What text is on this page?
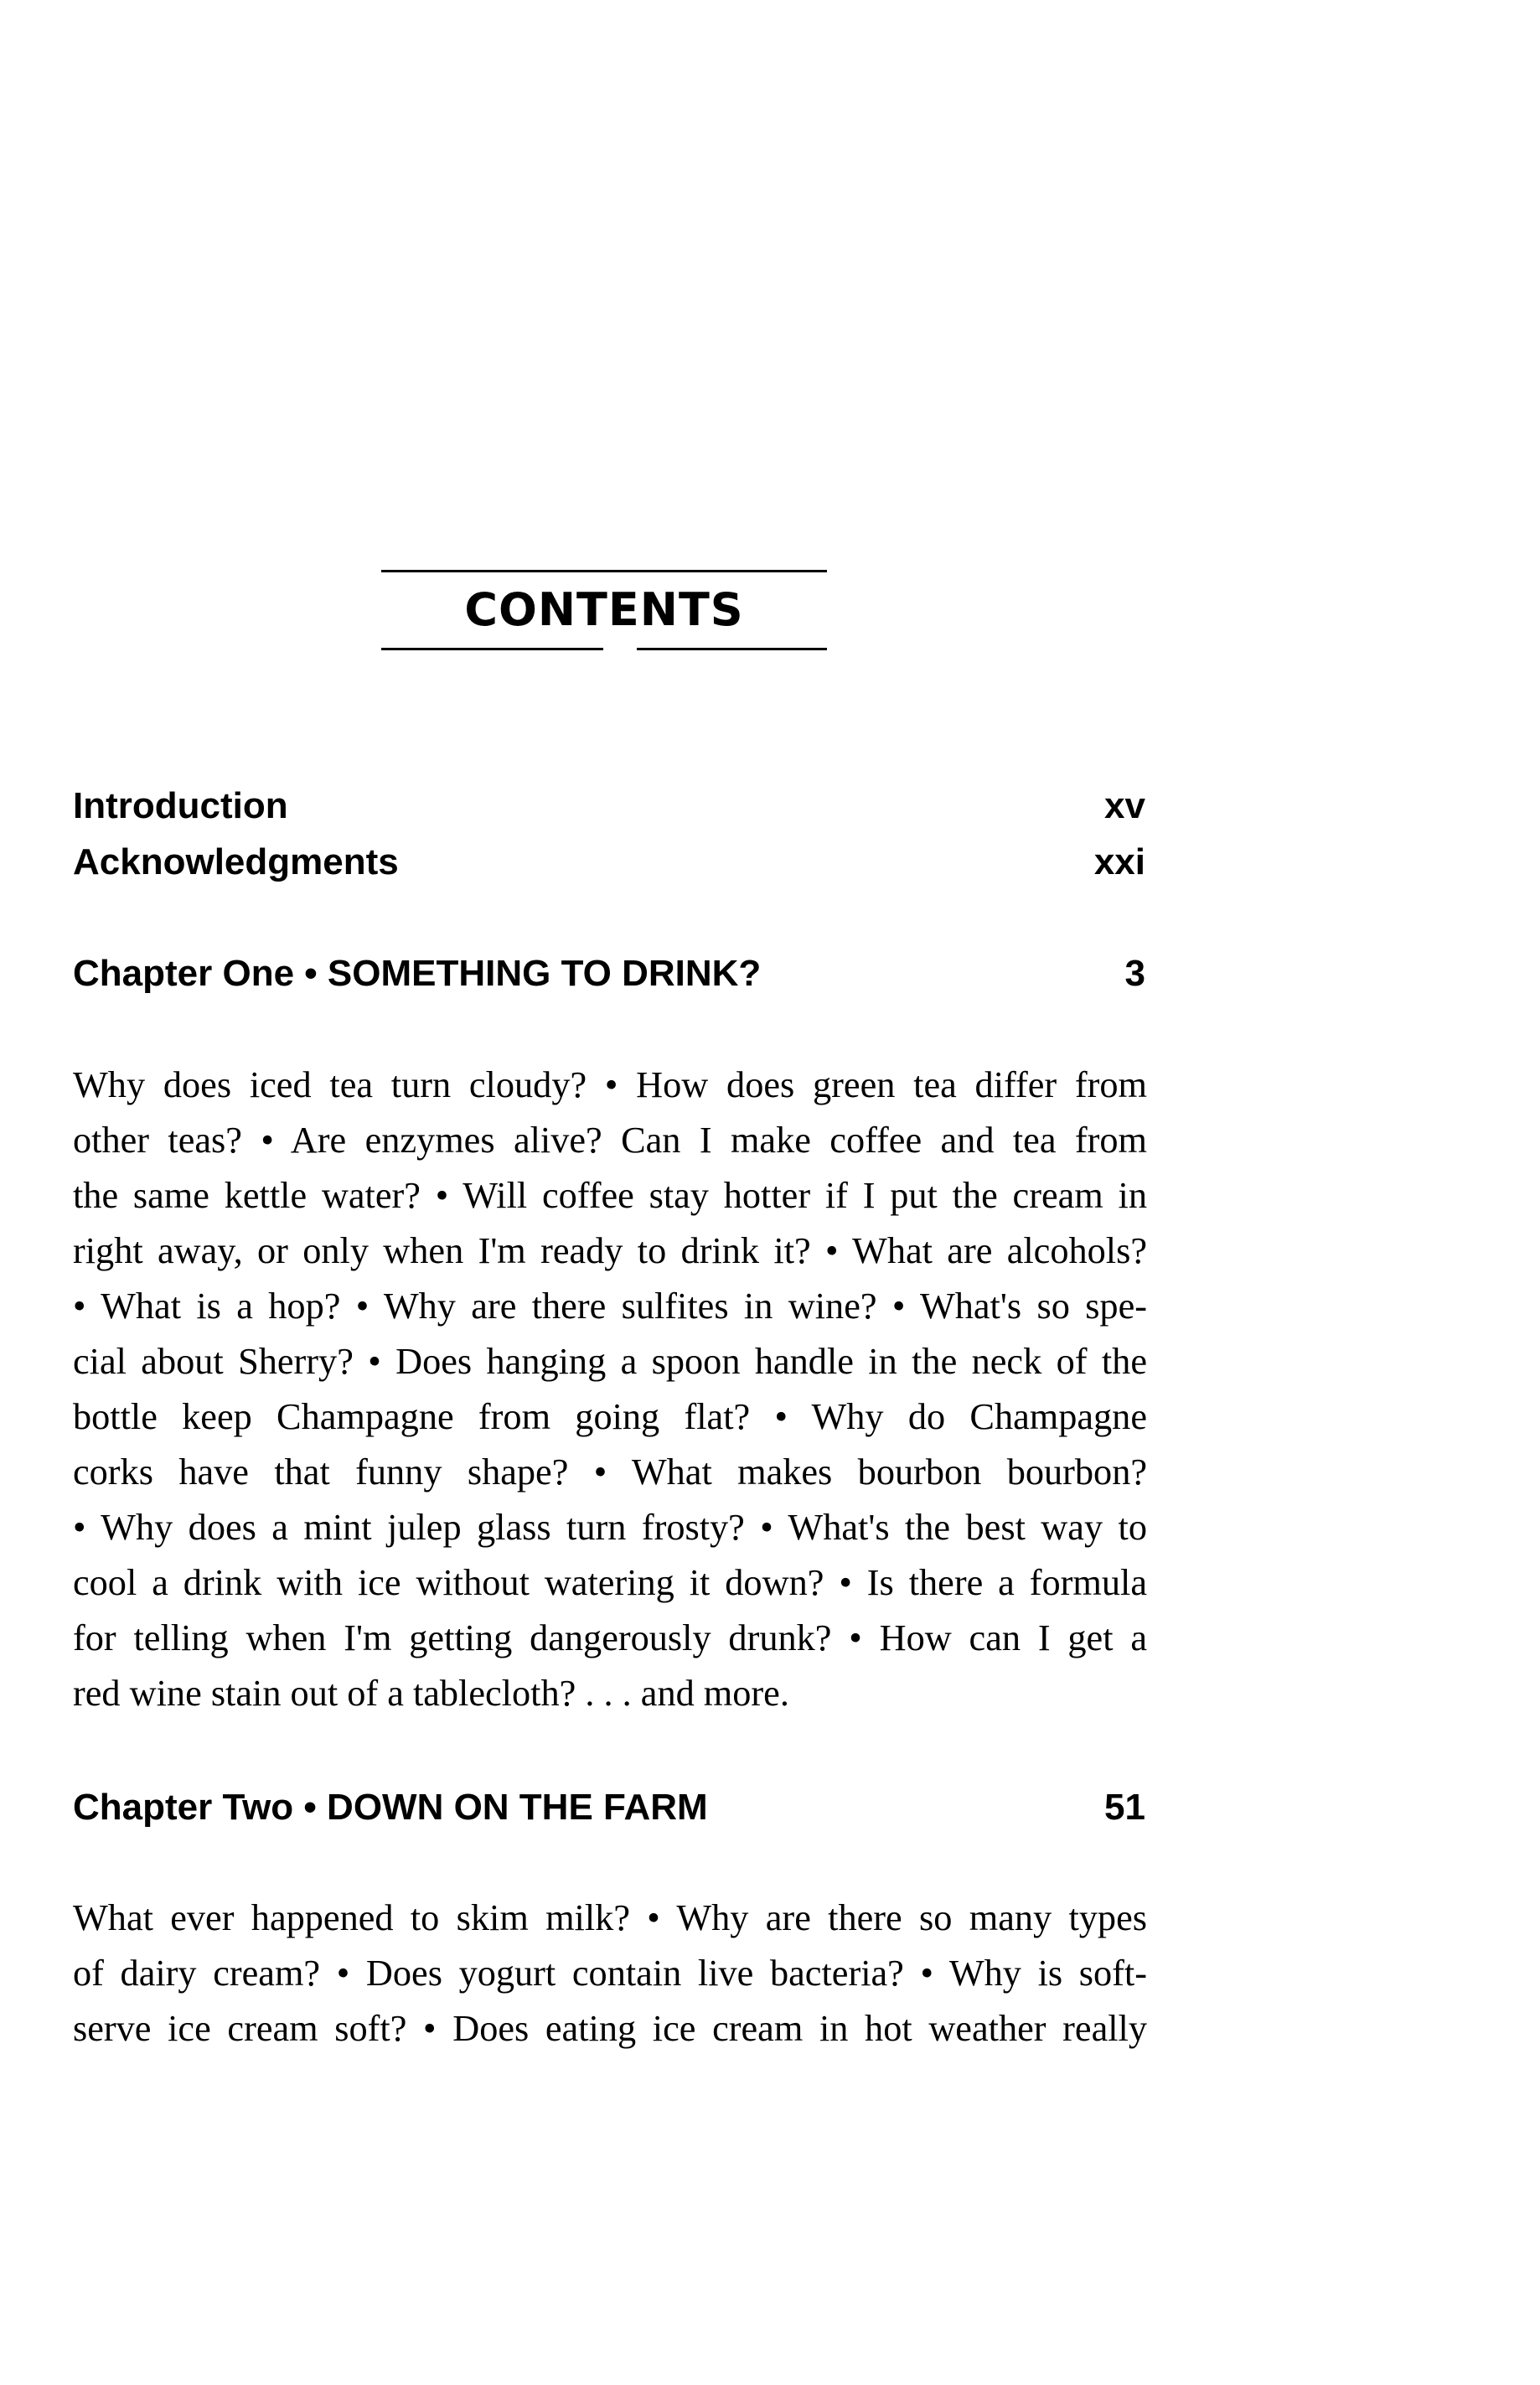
CONTENTS
Introduction	xv
Acknowledgments	xxi
Chapter One • SOMETHING TO DRINK?	3
Why does iced tea turn cloudy? • How does green tea differ from
other teas? • Are enzymes alive? Can I make coffee and tea from
the same kettle water? • Will coffee stay hotter if I put the cream in
right away, or only when I'm ready to drink it? • What are alcohols?
• What is a hop? • Why are there sulfites in wine? • What's so spe-
cial about Sherry? • Does hanging a spoon handle in the neck of the
bottle keep Champagne from going flat? • Why do Champagne
corks have that funny shape? • What makes bourbon bourbon?
• Why does a mint julep glass turn frosty? • What's the best way to
cool a drink with ice without watering it down? • Is there a formula
for telling when I'm getting dangerously drunk? • How can I get a
red wine stain out of a tablecloth? . . . and more.
Chapter Two • DOWN ON THE FARM	51
What ever happened to skim milk? • Why are there so many types
of dairy cream? • Does yogurt contain live bacteria? • Why is soft-
serve ice cream soft? • Does eating ice cream in hot weather really
